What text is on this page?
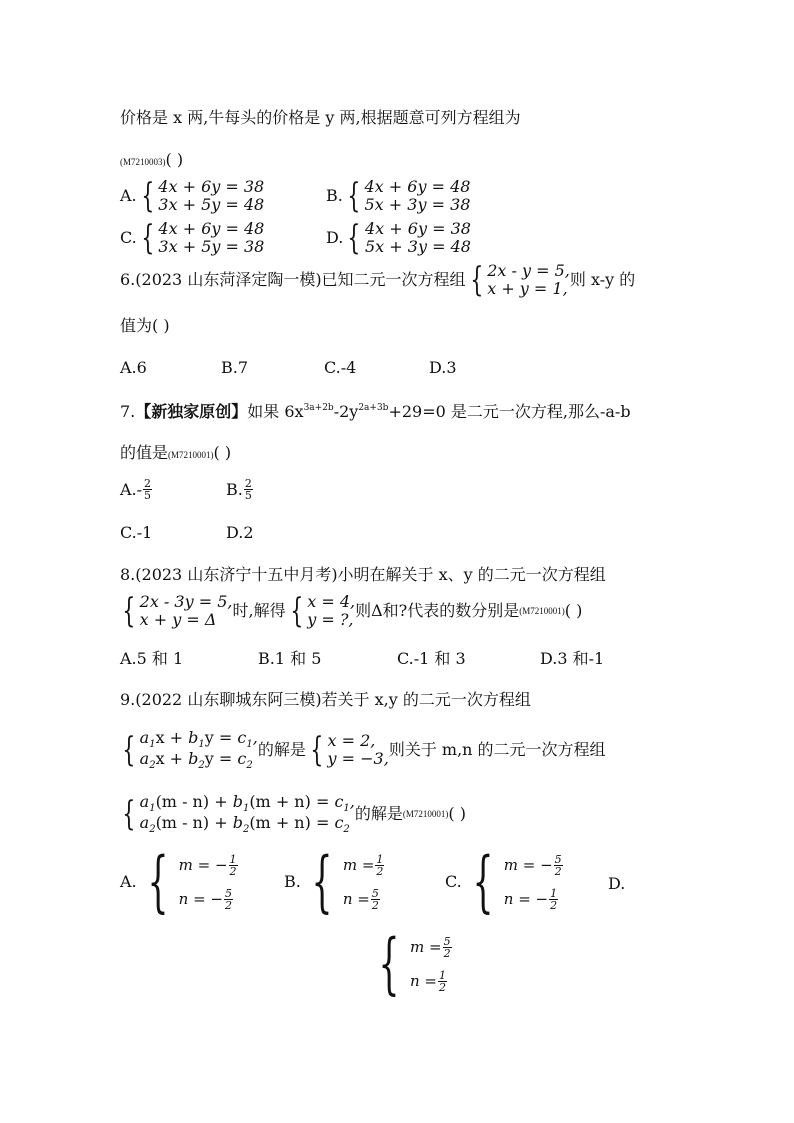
价格是 x 两,牛每头的价格是 y 两,根据题意可列方程组为
(M7210003)( )
A. { 4x + 6y = 38
3x + 5y = 48	B. { 4x + 6y = 48
5x + 3y = 38
C. { 4x + 6y = 48
3x + 5y = 38	D. { 4x + 6y = 38
5x + 3y = 48
6.(2023 山东菏泽定陶一模)已知二元一次方程组 { 2x - y = 5,
x + y = 1, 则 x-y 的
值为( )
A.6	B.7	C.-4	D.3
7.【新独家原创】如果 $6x^{3a+2b}-2y^{2a+3b}+29=0$ 是二元一次方程,那么-a-b
的值是(M7210001)( )
$A.- \frac{2}{5}$	B. $\frac{2}{5}$
C.-1	D.2
8.(2023 山东济宁十五中月考)小明在解关于 x、y 的二元一次方程组
{ 2x - 3y = 5,
x + y = Δ	时,解得 { x = 4,
y = ?, 则Δ和?代表的数分别是 (M7210001) ( )
A.5 和 1	B.1 和 5	C.-1 和 3	D.3 和-1
9.(2022 山东聊城东阿三模)若关于 x,y 的二元一次方程组
{ $a_1x + b_1y = c_1$,
$a_2x + b_2y = c_2$
的解是 { x = 2,
y = −3, 则关于 m,n 的二元一次方程组
{ $a_1(m - n) + b_1(m + n) = c_1$,
$a_2(m - n) + b_2(m + n) = c_2$
的解是 (M7210001) ( )
A. { m = − $\frac{1}{2}$
n = − $\frac{5}{2}$
B. { $m = \frac{1}{2}$
$n = \frac{5}{2}$
C. { m = − $\frac{5}{2}$
n = − $\frac{1}{2}$
D.
{ $m = \frac{5}{2}$
$n = \frac{1}{2}$
